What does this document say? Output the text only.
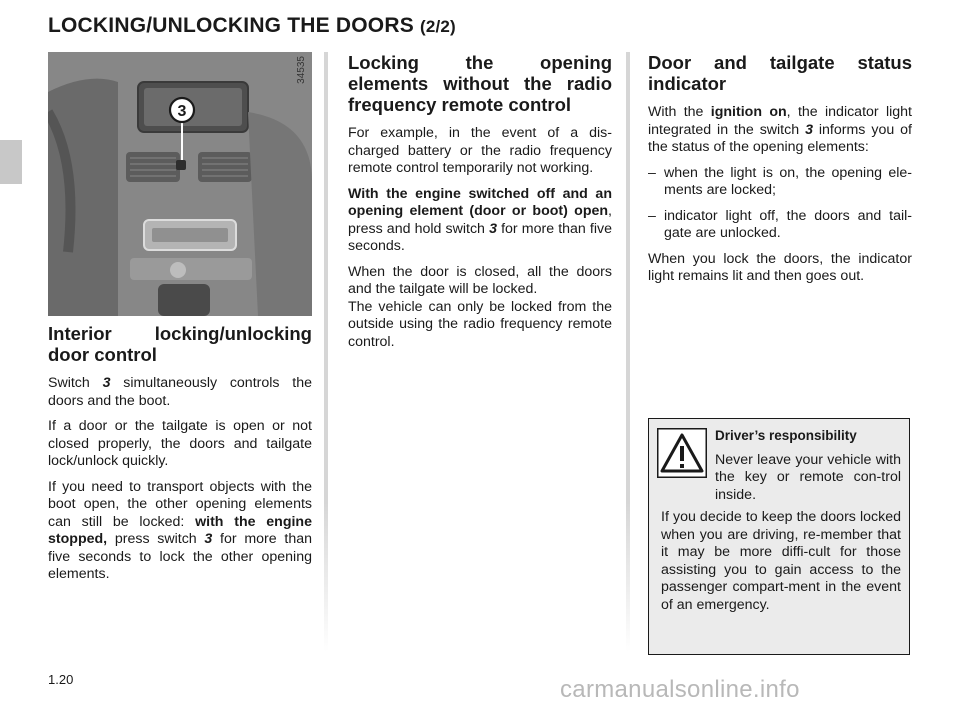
LOCKING/UNLOCKING THE DOORS (2/2)
3
34535
Interior locking/unlocking door control

Switch 3 simultaneously controls the doors and the boot.

If a door or the tailgate is open or not closed properly, the doors and tailgate lock/unlock quickly.

If you need to transport objects with the boot open, the other opening elements can still be locked: with the engine stopped, press switch 3 for more than five seconds to lock the other opening elements.

Locking the opening elements without the radio frequency remote control

For example, in the event of a dis-charged battery or the radio frequency remote control temporarily not working.

With the engine switched off and an opening element (door or boot) open, press and hold switch 3 for more than five seconds.

When the door is closed, all the doors and the tailgate will be locked.
The vehicle can only be locked from the outside using the radio frequency remote control.

Door and tailgate status indicator

With the ignition on, the indicator light integrated in the switch 3 informs you of the status of the opening elements:

– when the light is on, the opening ele-ments are locked;
– indicator light off, the doors and tail-gate are unlocked.

When you lock the doors, the indicator light remains lit and then goes out.

Driver’s responsibility
Never leave your vehicle with the key or remote con-trol inside.
If you decide to keep the doors locked when you are driving, re-member that it may be more diffi-cult for those assisting you to gain access to the passenger compart-ment in the event of an emergency.
1.20	carmanualsonline.info
